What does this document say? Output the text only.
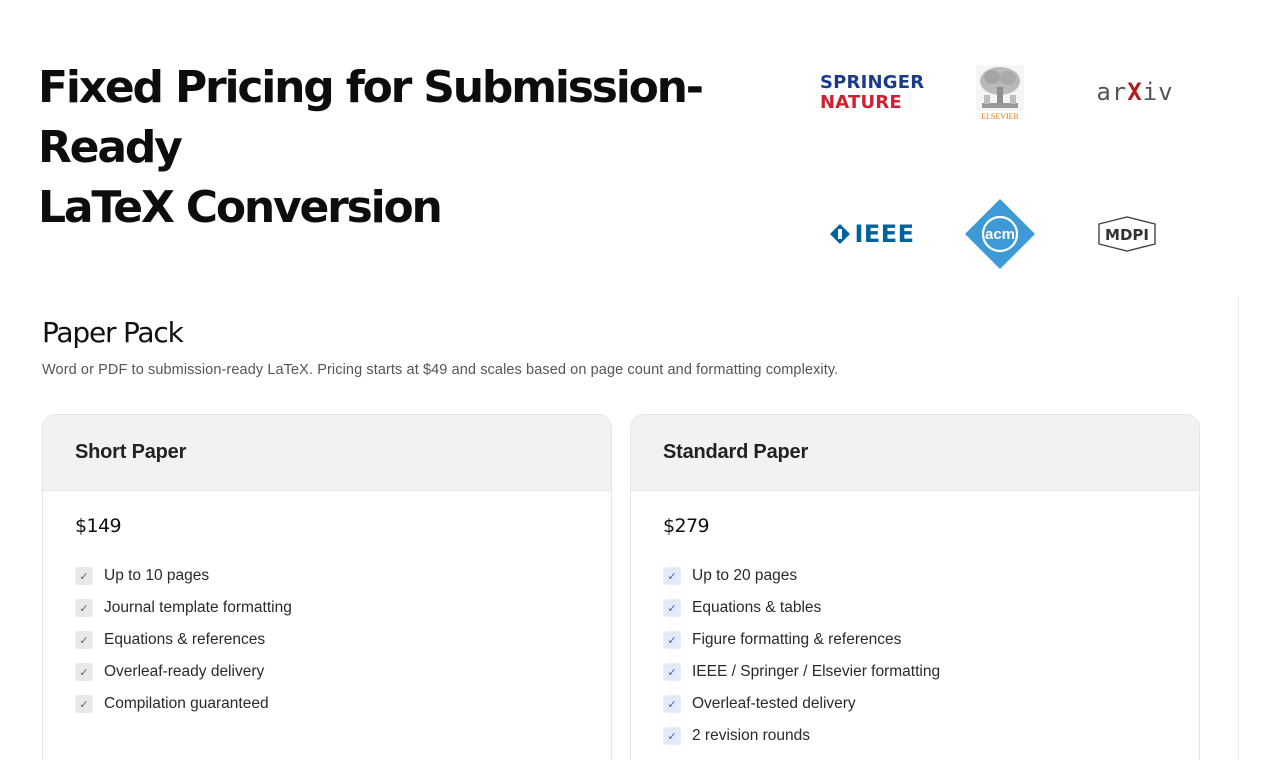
Fixed Pricing for Submission-Ready
LaTeX Conversion
SPRINGER
NATURE
ELSEVIER
ar X iv
IEEE	acm	MDPI
Paper Pack
Word or PDF to submission-ready LaTeX. Pricing starts at $49 and scales based on page count and formatting complexity.
Short Paper
$149
✓ Up to 10 pages
✓ Journal template formatting
✓ Equations & references
✓ Overleaf-ready delivery
✓ Compilation guaranteed
Standard Paper
$279
✓ Up to 20 pages
✓ Equations & tables
✓ Figure formatting & references
✓ IEEE / Springer / Elsevier formatting
✓ Overleaf-tested delivery
✓ 2 revision rounds
